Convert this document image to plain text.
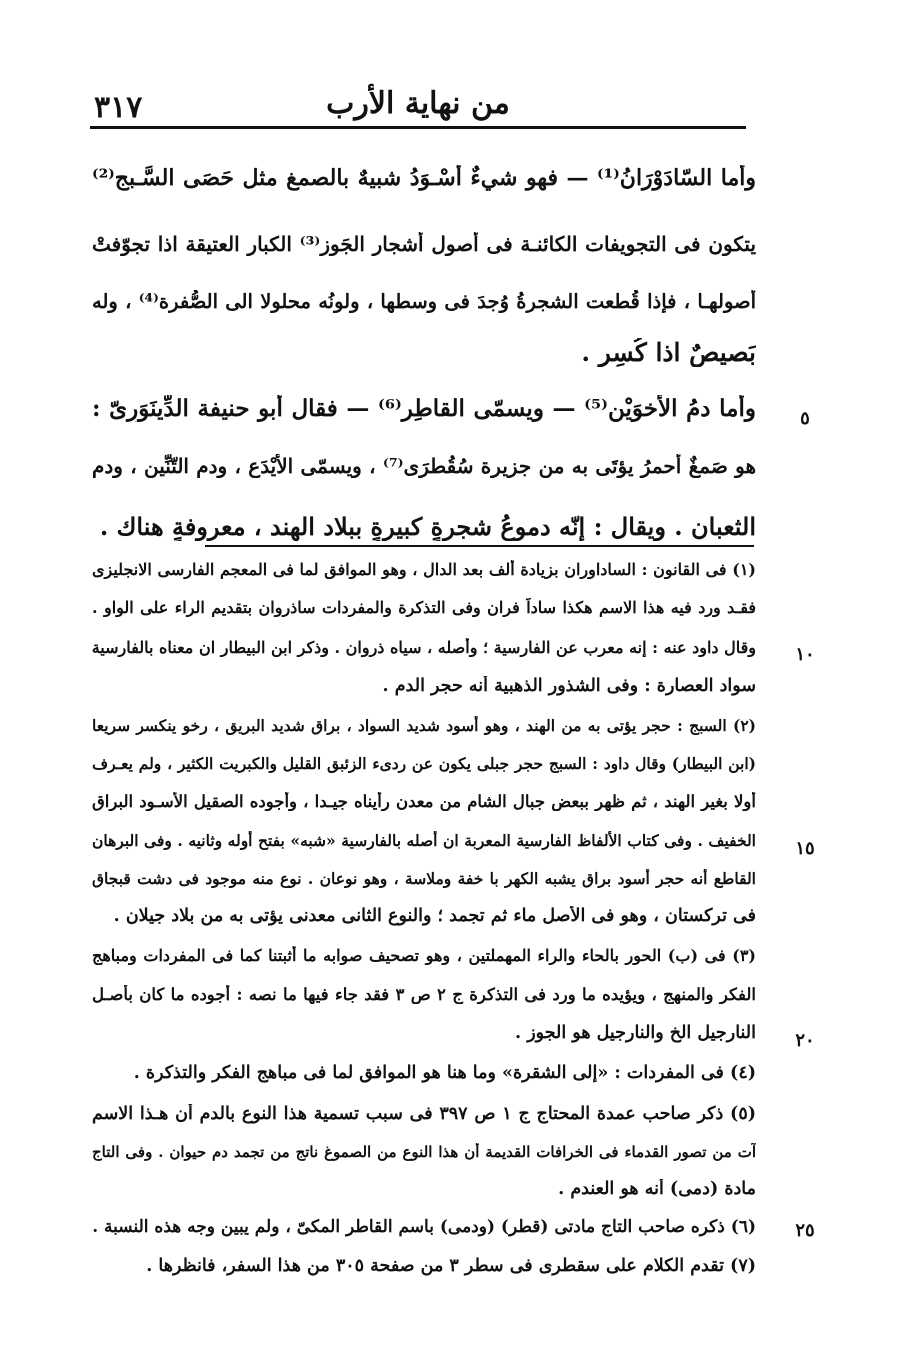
٣١٧	من نهاية الأرب
وأما السّادَوْرَانُ⁽¹⁾ — فهو شيءٌ أسْـوَدُ شبيهٌ بالصمغ مثل حَصَى السَّـبج⁽²⁾
يتكون فى التجويفات الكائنـة فى أصول أشجار الجَوز⁽³⁾ الكبار العتيقة اذا تجوّفتْ
أصولهـا ، فإذا قُطعت الشجرةُ وُجدَ فى وسطها ، ولونُه محلولا الى الصُّفرة⁽⁴⁾ ، وله
بَصيصٌ اذا كُسِر .
وأما دمُ الأخوَيْن⁽⁵⁾ — ويسمّى القاطِر⁽⁶⁾ — فقال أبو حنيفة الدِّينَوَرِىّ :
هو صَمغٌ أحمرُ يؤتَى به من جزيرة سُقُطرَى⁽⁷⁾ ، ويسمّى الأَيْدَع ، ودم التّنِّين ، ودم
الثعبان . ويقال : إنّه دموعُ شجرةٍ كبيرةٍ ببلاد الهند ، معروفةٍ هناك .
(١) فى القانون : الساداوران بزيادة ألف بعد الدال ، وهو الموافق لما فى المعجم الفارسى الانجليزى
فقـد ورد فيه هذا الاسم هكذا ساداً فران وفى التذكرة والمفردات ساذروان بتقديم الراء على الواو .
وقال داود عنه : إنه معرب عن الفارسية ؛ وأصله ، سياه ذروان . وذكر ابن البيطار ان معناه بالفارسية
سواد العصارة : وفى الشذور الذهبية أنه حجر الدم .
(٢) السبج : حجر يؤتى به من الهند ، وهو أسود شديد السواد ، براق شديد البريق ، رخو ينكسر سريعا
(ابن البيطار) وقال داود : السبج حجر جبلى يكون عن ردىء الزئبق القليل والكبريت الكثير ، ولم يعـرف
أولا بغير الهند ، ثم ظهر ببعض جبال الشام من معدن رأيناه جيـدا ، وأجوده الصقيل الأسـود البراق
الخفيف . وفى كتاب الألفاظ الفارسية المعربة ان أصله بالفارسية «شبه» بفتح أوله وثانيه . وفى البرهان
القاطع أنه حجر أسود براق يشبه الكهر با خفة وملاسة ، وهو نوعان . نوع منه موجود فى دشت قبجاق
فى تركستان ، وهو فى الأصل ماء ثم تجمد ؛ والنوع الثانى معدنى يؤتى به من بلاد جيلان .
(٣) فى (ب) الحور بالحاء والراء المهملتين ، وهو تصحيف صوابه ما أثبتنا كما فى المفردات ومباهج
الفكر والمنهج ، ويؤيده ما ورد فى التذكرة ج ٢ ص ٣ فقد جاء فيها ما نصه : أجوده ما كان بأصـل
النارجيل الخ والنارجيل هو الجوز .
(٤) فى المفردات : «إلى الشقرة» وما هنا هو الموافق لما فى مباهج الفكر والتذكرة .
(٥) ذكر صاحب عمدة المحتاج ج ١ ص ٣٩٧ فى سبب تسمية هذا النوع بالدم أن هـذا الاسم
آت من تصور القدماء فى الخرافات القديمة أن هذا النوع من الصموغ ناتج من تجمد دم حيوان . وفى التاج
مادة (دمى) أنه هو العندم .
(٦) ذكره صاحب التاج مادتى (قطر) (ودمى) باسم القاطر المكىّ ، ولم يبين وجه هذه النسبة .
(٧) تقدم الكلام على سقطرى فى سطر ٣ من صفحة ٣٠٥ من هذا السفر، فانظرها .
٥
١٠
١٥
٢٠
٢٥
